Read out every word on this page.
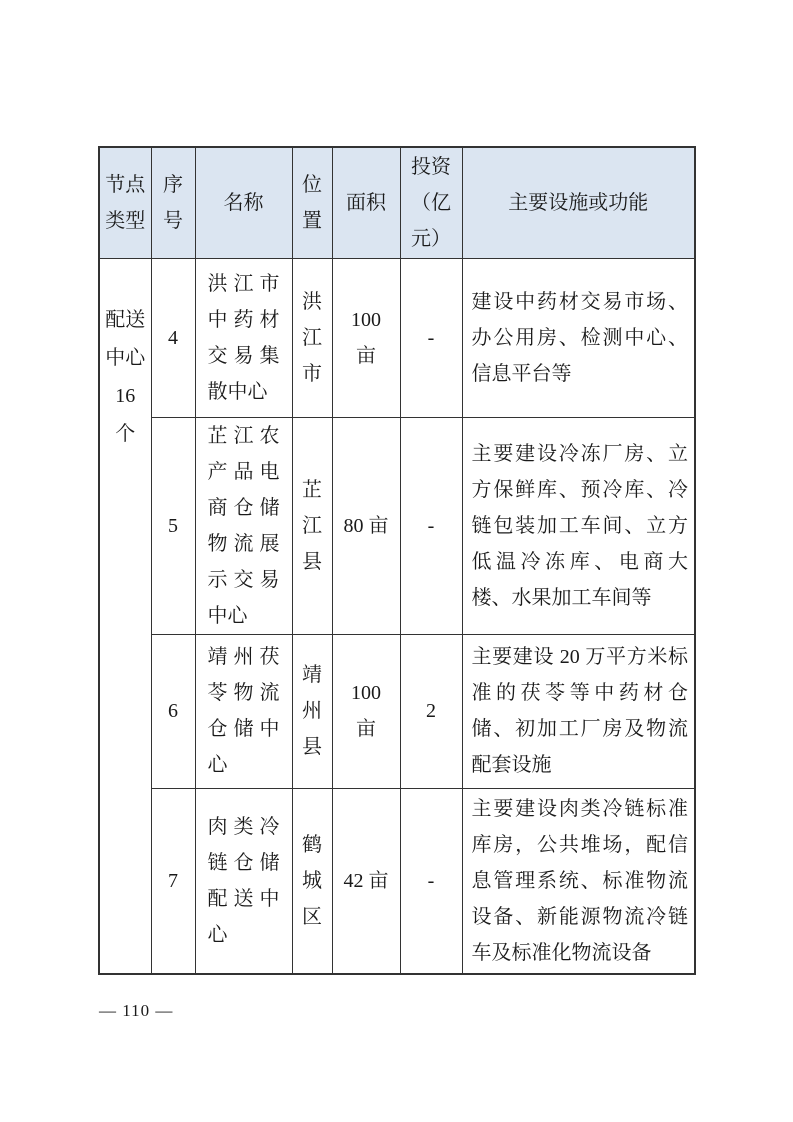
节点类型	序号	名称	位置	面积	投资（亿元）	主要设施或功能
配送中心 16 个	4	洪江市中药材交易集散中心	洪江市	100 亩	-	建设中药材交易市场、办公用房、检测中心、信息平台等
	5	芷江农产品电商仓储物流展示交易中心	芷江县	80 亩	-	主要建设冷冻厂房、立方保鲜库、预冷库、冷链包装加工车间、立方低温冷冻库、电商大楼、水果加工车间等
	6	靖州茯苓物流仓储中心	靖州县	100 亩	2	主要建设 20 万平方米标准的茯苓等中药材仓储、初加工厂房及物流配套设施
	7	肉类冷链仓储配送中心	鹤城区	42 亩	-	主要建设肉类冷链标准库房，公共堆场，配信息管理系统、标准物流设备、新能源物流冷链车及标准化物流设备
— 110 —
